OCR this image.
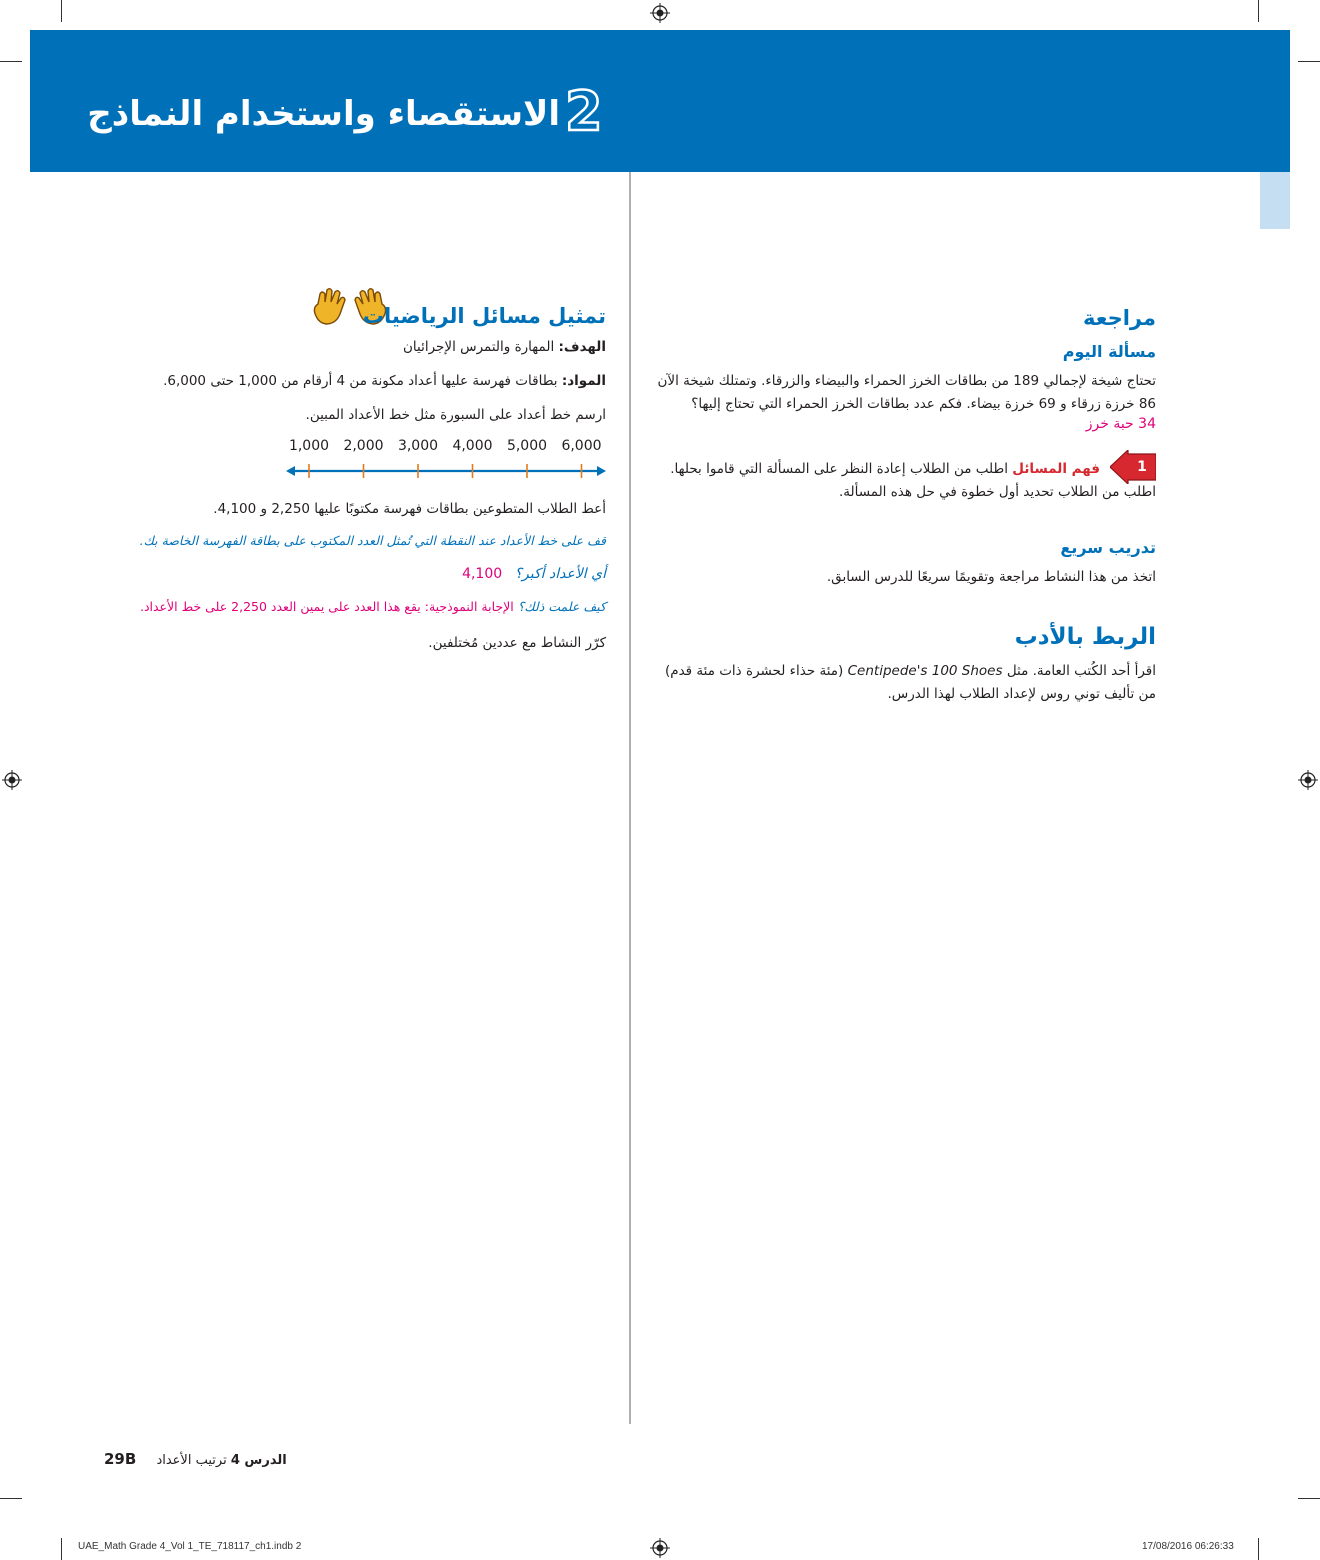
الاستقصاء واستخدام النماذج 2
مراجعة
مسألة اليوم
تحتاج شيخة لإجمالي 189 من بطاقات الخرز الحمراء والبيضاء والزرقاء. وتمتلك شيخة الآن
86 خرزة زرقاء و 69 خرزة بيضاء. فكم عدد بطاقات الخرز الحمراء التي تحتاج إليها؟
34 حبة خرز
1
فهم المسائل اطلب من الطلاب إعادة النظر على المسألة التي قاموا بحلها.
اطلب من الطلاب تحديد أول خطوة في حل هذه المسألة.
تدريب سريع
اتخذ من هذا النشاط مراجعة وتقويمًا سريعًا للدرس السابق.
الربط بالأدب
اقرأ أحد الكُتب العامة. مثل Centipede's 100 Shoes (مئة حذاء لحشرة ذات مئة قدم)
من تأليف توني روس لإعداد الطلاب لهذا الدرس.
تمثيل مسائل الرياضيات
الهدف: المهارة والتمرس الإجرائيان
المواد: بطاقات فهرسة عليها أعداد مكونة من 4 أرقام من 1,000 حتى 6,000.
ارسم خط أعداد على السبورة مثل خط الأعداد المبين.
1,000 2,000 3,000 4,000 5,000 6,000
أعط الطلاب المتطوعين بطاقات فهرسة مكتوبًا عليها 2,250 و 4,100.
قف على خط الأعداد عند النقطة التي تُمثل العدد المكتوب على بطاقة الفهرسة الخاصة بك.
أي الأعداد أكبر؟ 4,100
كيف علمت ذلك؟ الإجابة النموذجية: يقع هذا العدد على يمين العدد 2,250 على خط الأعداد.
كرّر النشاط مع عددين مُختلفين.
29B	الدرس 4 ترتيب الأعداد
UAE_Math Grade 4_Vol 1_TE_718117_ch1.indb 2	17/08/2016 06:26:33
